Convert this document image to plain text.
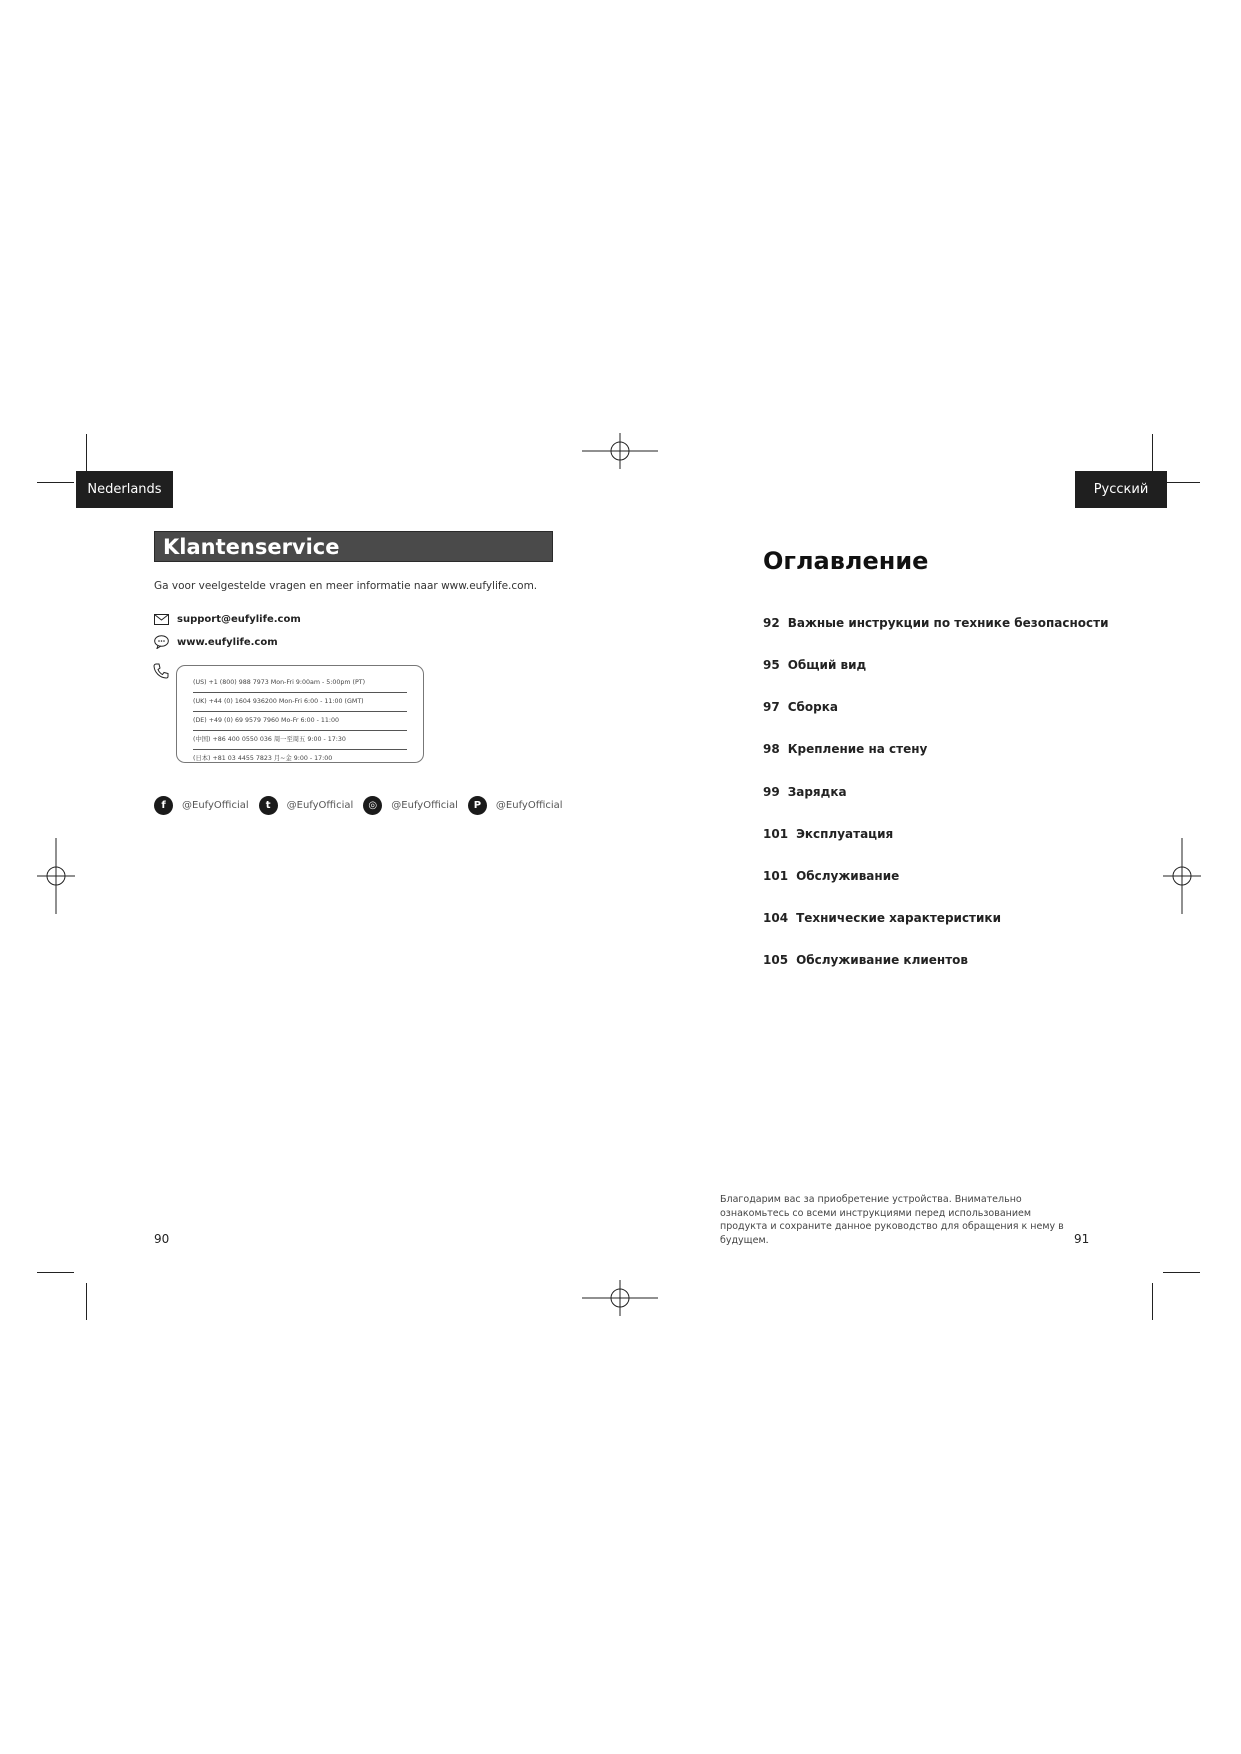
Nederlands
Klantenservice
Ga voor veelgestelde vragen en meer informatie naar www.eufylife.com.
support@eufylife.com
www.eufylife.com
(US) +1 (800) 988 7973 Mon-Fri 9:00am - 5:00pm (PT)
(UK) +44 (0) 1604 936200 Mon-Fri 6:00 - 11:00 (GMT)
(DE) +49 (0) 69 9579 7960 Mo-Fr 6:00 - 11:00
(中国) +86 400 0550 036 周一至周五 9:00 - 17:30
(日本) +81 03 4455 7823 月~金 9:00 - 17:00
f	@EufyOfficial	t	@EufyOfficial	◎	@EufyOfficial	P	@EufyOfficial
90
Русский
Оглавление
92 Важные инструкции по технике безопасности
95 Общий вид
97 Сборка
98 Крепление на стену
99 Зарядка
101 Эксплуатация
101 Обслуживание
104 Технические характеристики
105 Обслуживание клиентов
Благодарим вас за приобретение устройства. Внимательно ознакомьтесь со всеми инструкциями перед использованием продукта и сохраните данное руководство для обращения к нему в будущем.	91
